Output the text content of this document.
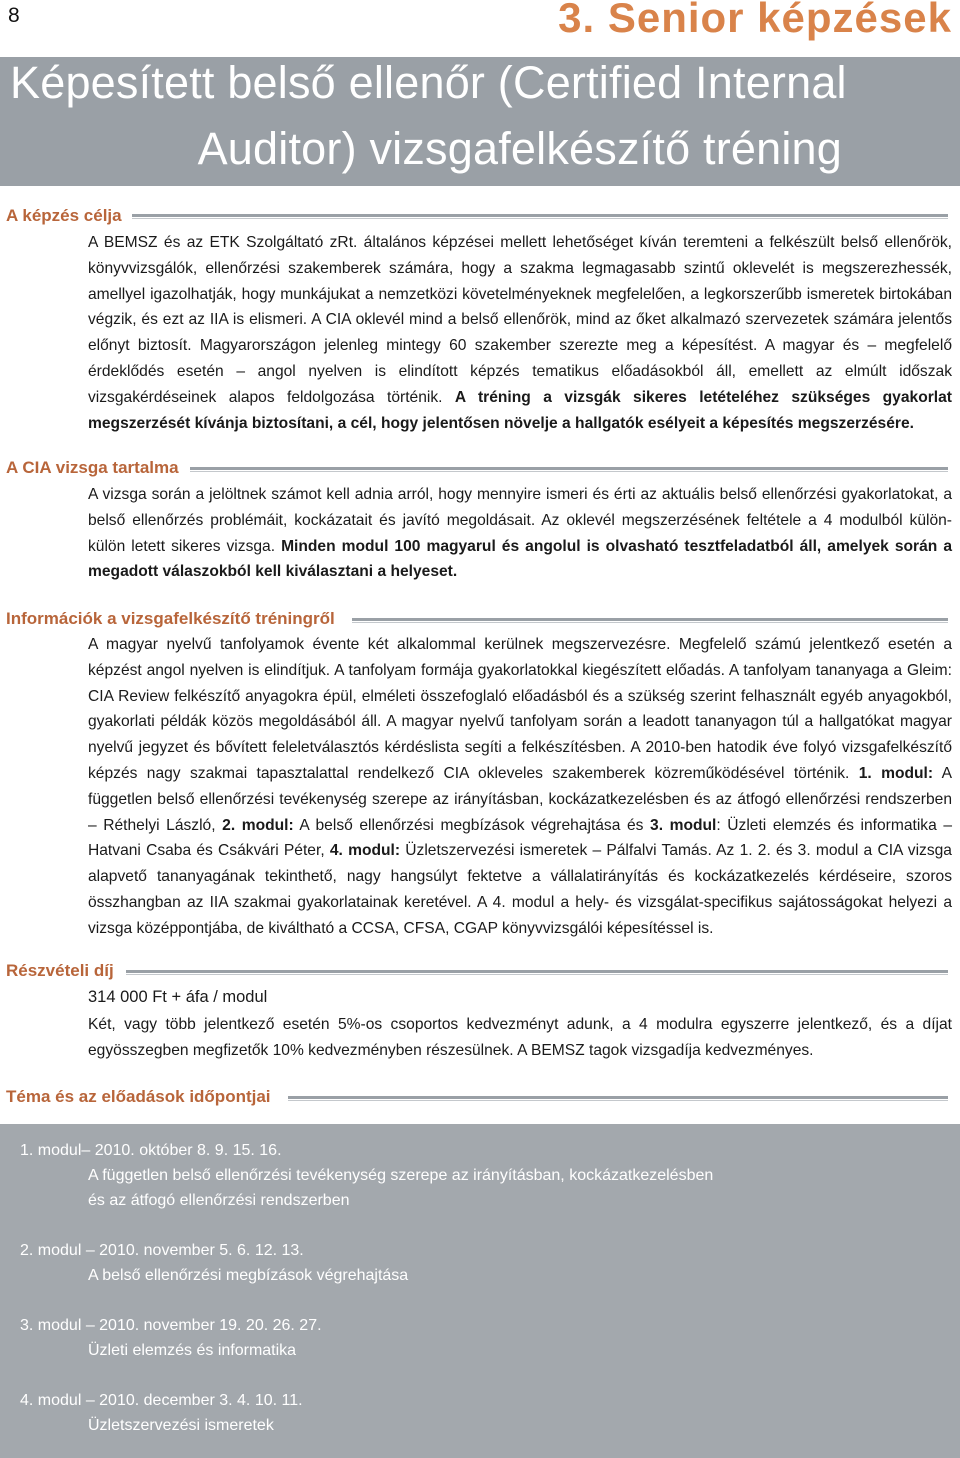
8	3. Senior képzések
Képesített belső ellenőr (Certified Internal
Auditor) vizsgafelkészítő tréning
A képzés célja

A BEMSZ és az ETK Szolgáltató zRt. általános képzései mellett lehetőséget kíván teremteni a felkészült belső ellenőrök, könyvvizsgálók, ellenőrzési szakemberek számára, hogy a szakma legmagasabb szintű oklevelét is megszerezhessék, amellyel igazolhatják, hogy munkájukat a nemzetközi követelményeknek megfelelően, a legkorszerűbb ismeretek birtokában végzik, és ezt az IIA is elismeri. A CIA oklevél mind a belső ellenőrök, mind az őket alkalmazó szervezetek számára jelentős előnyt biztosít. Magyarországon jelenleg mintegy 60 szakember szerezte meg a képesítést. A magyar és – megfelelő érdeklődés esetén – angol nyelven is elindított képzés tematikus előadásokból áll, emellett az elmúlt időszak vizsgakérdéseinek alapos feldolgozása történik. A tréning a vizsgák sikeres letételéhez szükséges gyakorlat megszerzését kívánja biztosítani, a cél, hogy jelentősen növelje a hallgatók esélyeit a képesítés megszerzésére.

A CIA vizsga tartalma

A vizsga során a jelöltnek számot kell adnia arról, hogy mennyire ismeri és érti az aktuális belső ellenőrzési gyakorlatokat, a belső ellenőrzés problémáit, kockázatait és javító megoldásait. Az oklevél megszerzésének feltétele a 4 modulból külön-külön letett sikeres vizsga. Minden modul 100 magyarul és angolul is olvasható tesztfeladatból áll, amelyek során a megadott válaszokból kell kiválasztani a helyeset.

Információk a vizsgafelkészítő tréningről

A magyar nyelvű tanfolyamok évente két alkalommal kerülnek megszervezésre. Megfelelő számú jelentkező esetén a képzést angol nyelven is elindítjuk. A tanfolyam formája gyakorlatokkal kiegészített előadás. A tanfolyam tananyaga a Gleim: CIA Review felkészítő anyagokra épül, elméleti összefoglaló előadásból és a szükség szerint felhasznált egyéb anyagokból, gyakorlati példák közös megoldásából áll. A magyar nyelvű tanfolyam során a leadott tananyagon túl a hallgatókat magyar nyelvű jegyzet és bővített feleletválasztós kérdéslista segíti a felkészítésben. A 2010-ben hatodik éve folyó vizsgafelkészítő képzés nagy szakmai tapasztalattal rendelkező CIA okleveles szakemberek közreműködésével történik. 1. modul: A független belső ellenőrzési tevékenység szerepe az irányításban, kockázatkezelésben és az átfogó ellenőrzési rendszerben – Réthelyi László, 2. modul: A belső ellenőrzési megbízások végrehajtása és 3. modul: Üzleti elemzés és informatika – Hatvani Csaba és Csákvári Péter, 4. modul: Üzletszervezési ismeretek – Pálfalvi Tamás. Az 1. 2. és 3. modul a CIA vizsga alapvető tananyagának tekinthető, nagy hangsúlyt fektetve a vállalatirányítás és kockázatkezelés kérdéseire, szoros összhangban az IIA szakmai gyakorlatainak keretével. A 4. modul a hely- és vizsgálat-specifikus sajátosságokat helyezi a vizsga középpontjába, de kiváltható a CCSA, CFSA, CGAP könyvvizsgálói képesítéssel is.

Részvételi díj
314 000 Ft + áfa / modul

Két, vagy több jelentkező esetén 5%-os csoportos kedvezményt adunk, a 4 modulra egyszerre jelentkező, és a díjat egyösszegben megfizetők 10% kedvezményben részesülnek. A BEMSZ tagok vizsgadíja kedvezményes.

Téma és az előadások időpontjai
1. modul– 2010. október 8. 9. 15. 16.
A független belső ellenőrzési tevékenység szerepe az irányításban, kockázatkezelésben
és az átfogó ellenőrzési rendszerben
2. modul – 2010. november 5. 6. 12. 13.
A belső ellenőrzési megbízások végrehajtása
3. modul – 2010. november 19. 20. 26. 27.
Üzleti elemzés és informatika
4. modul – 2010. december 3. 4. 10. 11.
Üzletszervezési ismeretek
